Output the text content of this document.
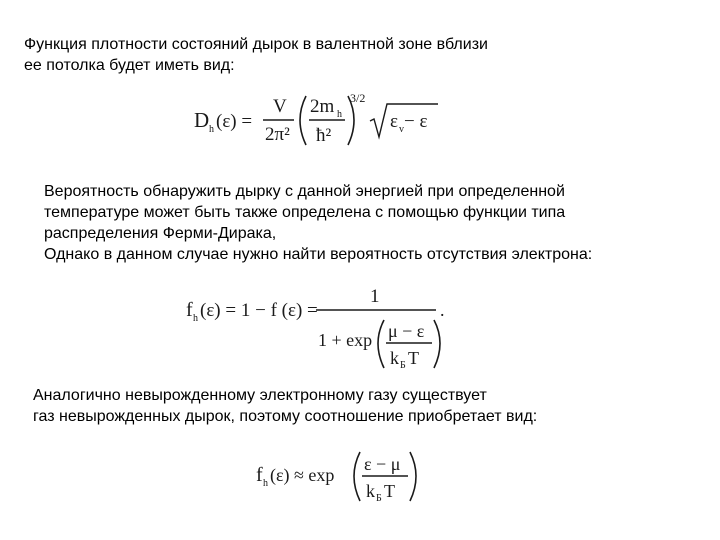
Функция плотности состояний дырок в валентной зоне вблизи
ее потолка будет иметь вид:
D h (ε) =
V
2π²
2m h
ħ²
3/2
ε v − ε
Вероятность обнаружить дырку с данной энергией при определенной
температуре может быть также определена с помощью функции типа
распределения Ферми-Дирака,
Однако в данном случае нужно найти вероятность отсутствия электрона:
f h (ε) = 1 − f (ε) =
1
1 + exp μ − ε
k Б T
.
Аналогично невырожденному электронному газу существует
газ невырожденных дырок, поэтому соотношение приобретает вид:
f h (ε) ≈ exp
ε − μ
k Б T
